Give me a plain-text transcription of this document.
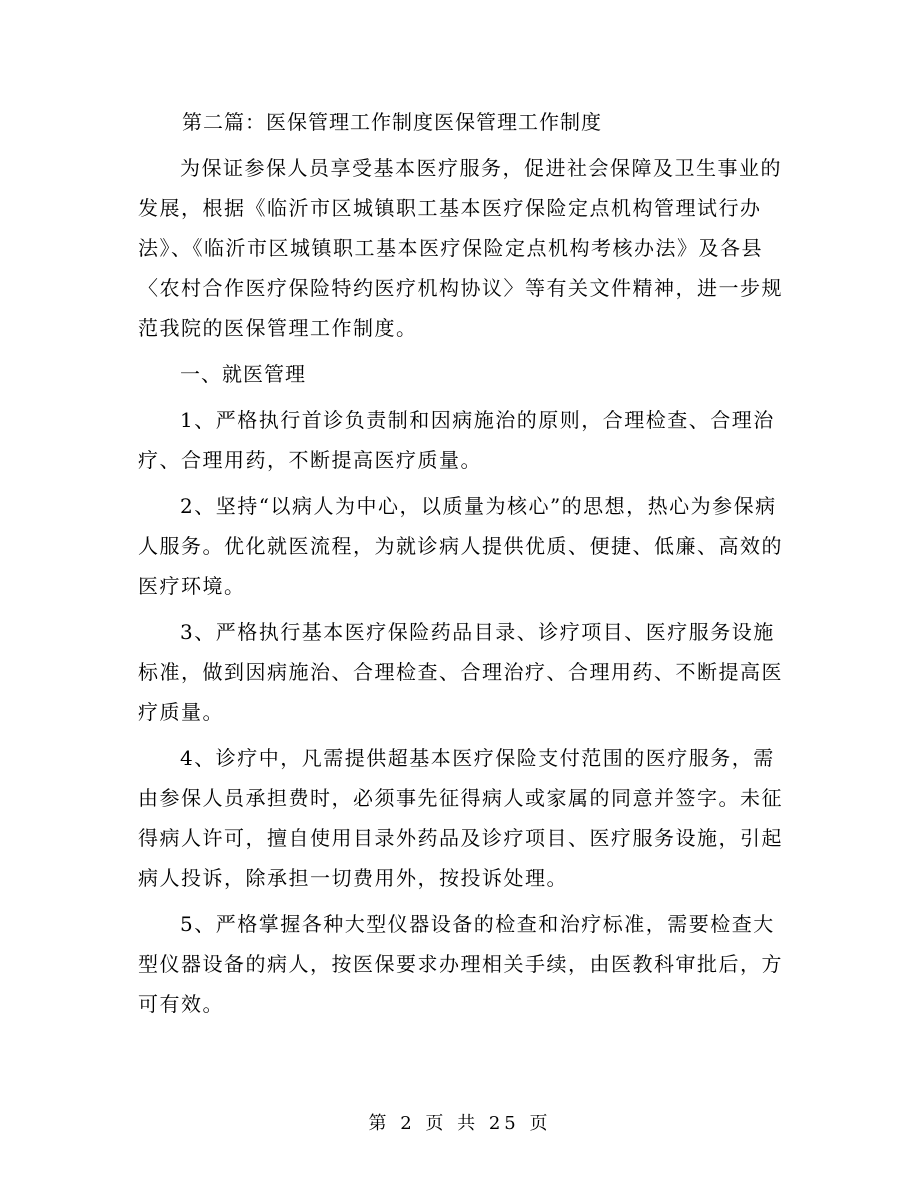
第二篇：医保管理工作制度医保管理工作制度

为保证参保人员享受基本医疗服务，促进社会保障及卫生事业的发展，根据《临沂市区城镇职工基本医疗保险定点机构管理试行办法》、《临沂市区城镇职工基本医疗保险定点机构考核办法》及各县〈农村合作医疗保险特约医疗机构协议〉等有关文件精神，进一步规范我院的医保管理工作制度。

一、就医管理

1、严格执行首诊负责制和因病施治的原则，合理检查、合理治疗、合理用药，不断提高医疗质量。

2、坚持“以病人为中心，以质量为核心”的思想，热心为参保病人服务。优化就医流程，为就诊病人提供优质、便捷、低廉、高效的医疗环境。

3、严格执行基本医疗保险药品目录、诊疗项目、医疗服务设施标准，做到因病施治、合理检查、合理治疗、合理用药、不断提高医疗质量。

4、诊疗中，凡需提供超基本医疗保险支付范围的医疗服务，需由参保人员承担费时，必须事先征得病人或家属的同意并签字。未征得病人许可，擅自使用目录外药品及诊疗项目、医疗服务设施，引起病人投诉，除承担一切费用外，按投诉处理。

5、严格掌握各种大型仪器设备的检查和治疗标准，需要检查大型仪器设备的病人，按医保要求办理相关手续，由医教科审批后，方可有效。

第 2 页 共 25 页
